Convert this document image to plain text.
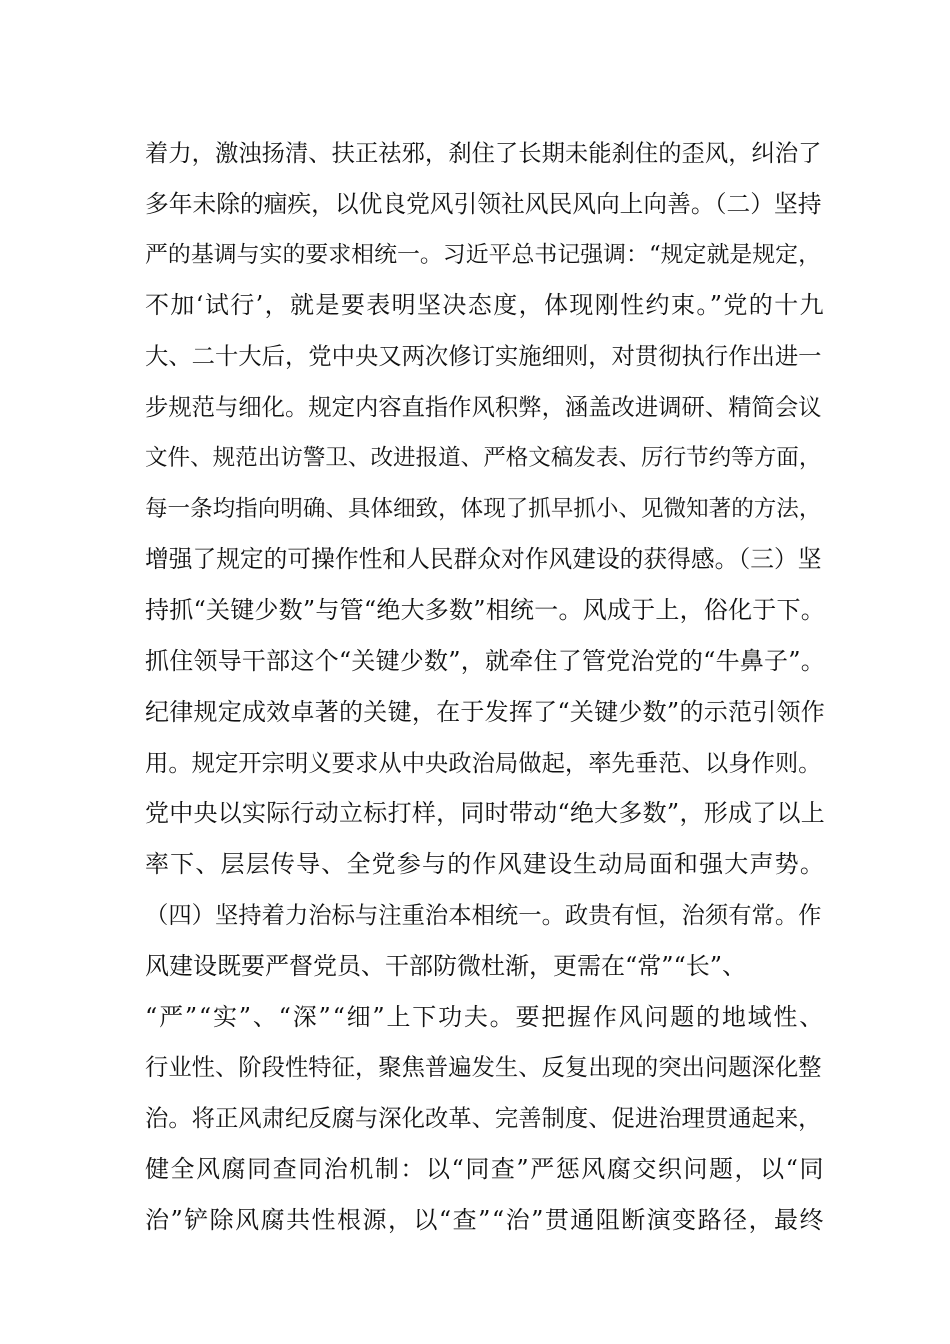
着力，激浊扬清、扶正祛邪，刹住了长期未能刹住的歪风，纠治了
多年未除的痼疾，以优良党风引领社风民风向上向善。（二）坚持
严的基调与实的要求相统一。习近平总书记强调：“规定就是规定，
不加‘试行’，就是要表明坚决态度，体现刚性约束。”党的十九
大、二十大后，党中央又两次修订实施细则，对贯彻执行作出进一
步规范与细化。规定内容直指作风积弊，涵盖改进调研、精简会议
文件、规范出访警卫、改进报道、严格文稿发表、厉行节约等方面，
每一条均指向明确、具体细致，体现了抓早抓小、见微知著的方法，
增强了规定的可操作性和人民群众对作风建设的获得感。（三）坚
持抓“关键少数”与管“绝大多数”相统一。风成于上，俗化于下。
抓住领导干部这个“关键少数”，就牵住了管党治党的“牛鼻子”。
纪律规定成效卓著的关键，在于发挥了“关键少数”的示范引领作
用。规定开宗明义要求从中央政治局做起，率先垂范、以身作则。
党中央以实际行动立标打样，同时带动“绝大多数”，形成了以上
率下、层层传导、全党参与的作风建设生动局面和强大声势。
（四）坚持着力治标与注重治本相统一。政贵有恒，治须有常。作
风建设既要严督党员、干部防微杜渐，更需在“常”“长”、
“严”“实”、“深”“细”上下功夫。要把握作风问题的地域性、
行业性、阶段性特征，聚焦普遍发生、反复出现的突出问题深化整
治。将正风肃纪反腐与深化改革、完善制度、促进治理贯通起来，
健全风腐同查同治机制：以“同查”严惩风腐交织问题，以“同
治”铲除风腐共性根源，以“查”“治”贯通阻断演变路径，最终
